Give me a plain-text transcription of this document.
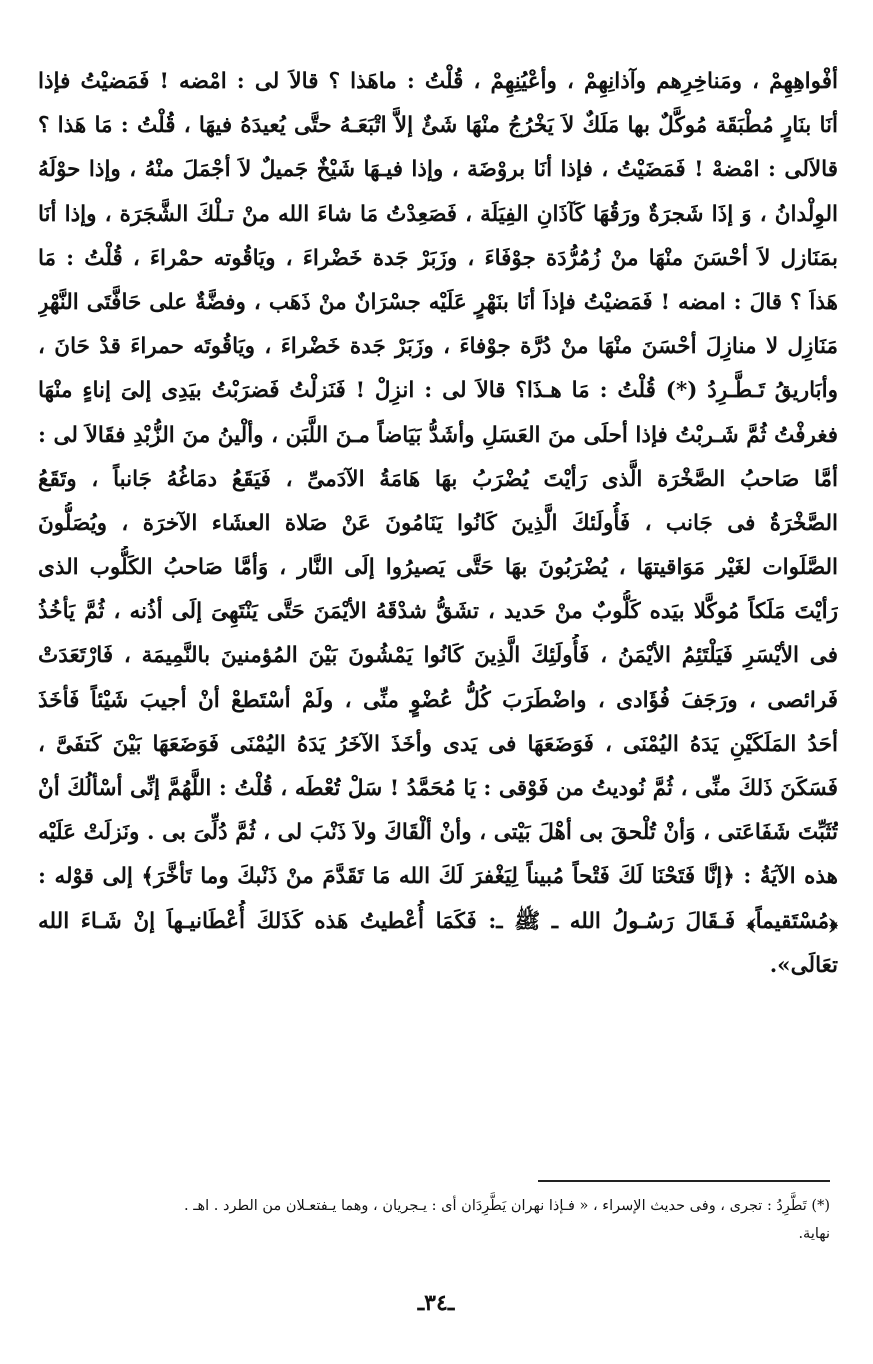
أفْواهِهِمْ ، ومَناخِرِهم وآذانِهِمْ ، وأعْيُنِهِمْ ، قُلْتُ : ماهَذا ؟ قالاَ لى : امْضه ! فَمَضيْتُ فإذا
أنَا بنَارٍ مُطْبَقَة مُوكَّلٌ بها مَلَكٌ لاَ يَخْرُجُ منْهَا شَئٌ إلاَّ اتْبَعَـهُ حتَّى يُعيدَهُ فيهَا ، قُلْتُ : مَا هَذا ؟
قالاَلى : امْضهْ ! فَمَضَيْتُ ، فإذا أنَا بروْضَة ، وإذا فيـهَا شَيْخٌ جَميلٌ لاَ أجْمَلَ منْهُ ، وإذا حوْلَهُ
الوِلْدانُ ، وَ إذَا شَجرَةٌ ورَقُهَا كَآذَانِ الفِيَلَة ، فَصَعِدْتُ مَا شاءَ الله منْ تـلْكَ الشَّجَرَة ، وإذا أنَا
بمَنَازل لاَ أحْسَنَ منْهَا منْ زُمُرُّدَة جوْفَاءَ ، وزَبَرْ جَدة خَضْراءَ ، ويَاقُوته حمْراءَ ، قُلْتُ : مَا
هَذاَ ؟ قالَ : امضه ! فَمَضيْتُ فإذاَ أنَا بنَهْرٍ عَلَيْه جسْرَانٌ منْ ذَهَب ، وفضَّةٌ على حَافَّتَى النَّهْرِ
مَنَازِل لا منازِلَ أحْسَنَ منْهَا منْ دُرَّة جوْفاءَ ، وزَبَرْ جَدة خَضْراءَ ، ويَاقُوتَه حمراءَ قدْ حَانَ ،
وأبَاريقُ تَـطَّـرِدُ (*) قُلْتُ : مَا هـذَا؟ قالاَ لى : انزِلْ ! فَنَزلْتُ فَضرَبْتُ بيَدِى إلىَ إناءٍ منْهَا
فغرفْتُ ثُمَّ شَـربْتُ فإذا أحلَى منَ العَسَلِ وأشَدُّ بَيَاضاً مـنَ اللَّبَن ، وألْينُ منَ الزُّبْدِ فقَالاَ لى :
أمَّا صَاحبُ الصَّخْرَة الَّذى رَأيْتَ يُضْرَبُ بهَا هَامَةُ الآدَمىِّ ، فَيَقَعُ دمَاغُهُ جَانباً ، وتَقَعُ
الصَّخْرَةُ فى جَانب ، فَأُولَئكَ الَّذِينَ كَانُوا يَنَامُونَ عَنْ صَلاة العشَاء الآخرَة ، ويُصَلُّونَ
الصَّلَوات لغَيْر مَوَاقيتهَا ، يُضْرَبُونَ بهَا حَتَّى يَصيرُوا إلَى النَّار ، وَأمَّا صَاحبُ الكَلُّوب الذى
رَأيْتَ مَلَكاً مُوكَّلا بيَده كَلُّوبٌ منْ حَديد ، تشَقُّ شدْقَهُ الأيْمَنَ حَتَّى يَنْتَهِىَ إلَى أذُنه ، ثُمَّ يَأخُذُ
فى الأيْسَرِ فَيَلْتَئِمُ الأيْمَنُ ، فَأُولَئِكَ الَّذِينَ كَانُوا يَمْشُونَ بَيْنَ المُؤمنينَ بالنَّمِيمَة ، فَارْتَعَدَتْ
فَرائصى ، ورَجَفَ فُؤَادى ، واضْطَرَبَ كُلُّ عُضْوٍ منِّى ، ولَمْ أسْتَطعْ أنْ أجيبَ شَيْئاً فَأخَذَ
أحَدُ المَلَكَيْنِ يَدَهُ اليُمْنَى ، فَوَضَعَهَا فى يَدى وأخَذَ الآخَرُ يَدَهُ اليُمْنَى فَوَضَعَهَا بَيْنَ كَتفَىَّ ،
فَسَكَنَ ذَلكَ منِّى ، ثُمَّ نُوديتُ من فَوْقى : يَا مُحَمَّدُ ! سَلْ تُعْطَه ، قُلْتُ : اللَّهُمَّ إنِّى أسْألُكَ أنْ
تُثَبِّتَ شَفَاعَتى ، وَأنْ تُلْحقَ بى أهْلَ بَيْتى ، وأنْ ألْقَاكَ ولاَ ذَنْبَ لى ، ثُمَّ دُلِّىَ بى . ونَزلَتْ عَلَيْه
هذه الآيَةُ : ﴿إنَّا فَتَحْنَا لَكَ فَتْحاً مُبيناً لِيَغْفرَ لَكَ الله مَا تَقَدَّمَ منْ ذَنْبكَ وما تَأخَّرَ﴾ إلى قوْله :
﴿مُسْتَقيماً﴾ فَـقَالَ رَسُـولُ الله ـ ﷺ ـ: فَكَمَا أُعْطيتُ هَذه كَذَلكَ أُعْطَانيـهاَ إنْ شَـاءَ الله
تعَالَى».
(*) تَطَّرِدُ : تجرى ، وفى حديث الإسراء ، « فـإذا نهران يَطَّرِدَان أى : يـجريان ، وهما يـفتعـلان من الطرد . اهـ .
نهاية.
ـ٣٤ـ
